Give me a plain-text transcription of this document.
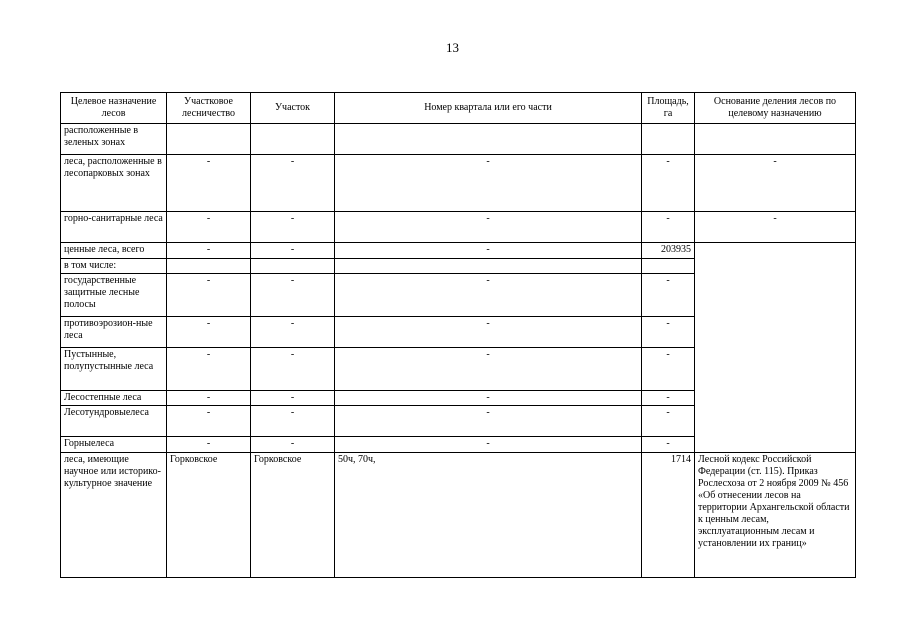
13
Целевое назначение лесов	Участковое лесничество	Участок	Номер квартала или его части	Площадь, га	Основание деления лесов по целевому назначению
расположенные в зеленых зонах					
леса, расположенные в лесопарковых зонах	-	-	-	-	-
горно-санитарные леса	-	-	-	-	-
ценные леса, всего	-	-	-	203935	
в том числе:					
государственные защитные лесные полосы	-	-	-	-	
противоэрозион-ные леса	-	-	-	-	
Пустынные, полупустынные леса	-	-	-	-	
Лесостепные леса	-	-	-	-	
Лесотундровыелеса	-	-	-	-	
Горныелеса	-	-	-	-	
леса, имеющие научное или историко-культурное значение	Горковское	Горковское	50ч, 70ч,	1714	Лесной кодекс Российской Федерации (ст. 115). Приказ Рослесхоза от 2 ноября 2009 № 456 «Об отнесении лесов на территории Архангельской области к ценным лесам, эксплуатационным лесам и установлении их границ»
